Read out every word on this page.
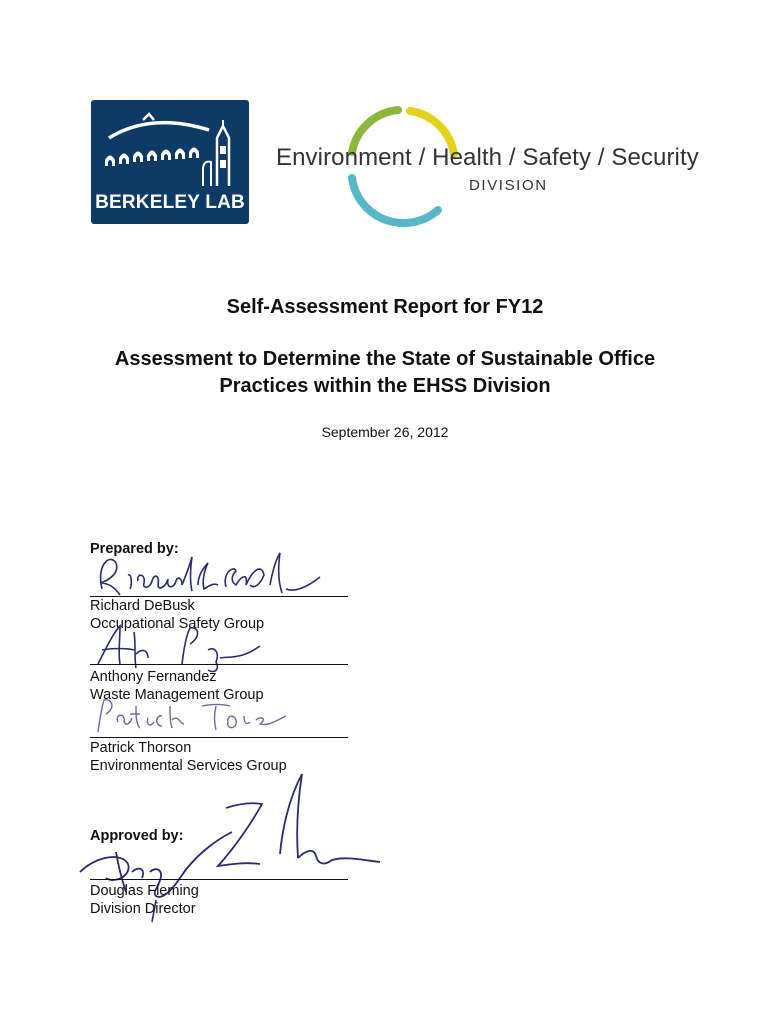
BERKELEY LAB
Environment / Health / Safety / Security
DIVISION
Self-Assessment Report for FY12
Assessment to Determine the State of Sustainable Office
Practices within the EHSS Division
September 26, 2012
Prepared by:
Richard DeBusk
Occupational Safety Group
Anthony Fernandez
Waste Management Group
Patrick Thorson
Environmental Services Group
Approved by:
Douglas Fleming
Division Director
